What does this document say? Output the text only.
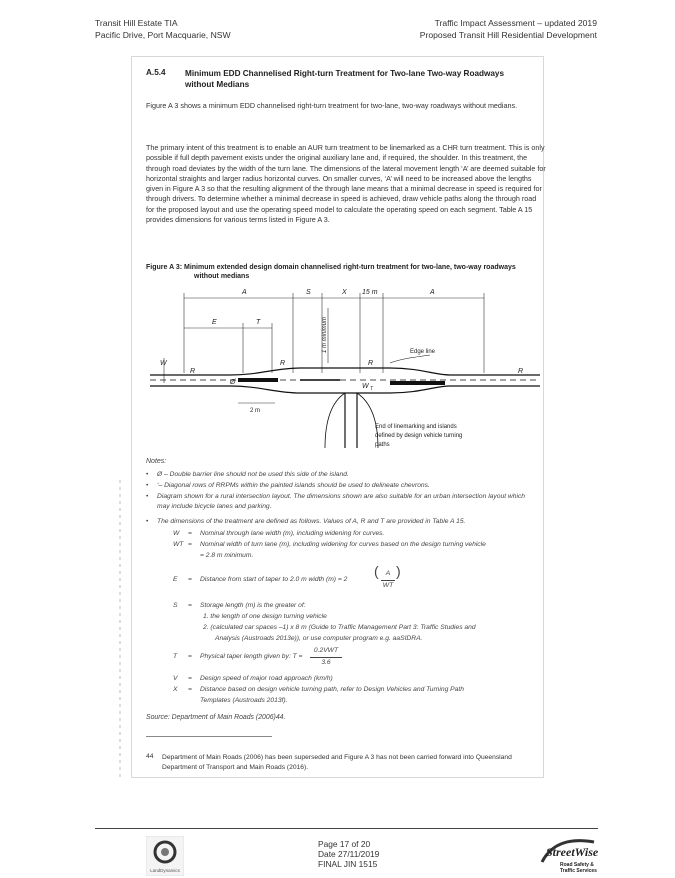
Transit Hill Estate TIA
Pacific Drive, Port Macquarie, NSW
Traffic Impact Assessment – updated 2019
Proposed Transit Hill Residential Development
A.5.4 Minimum EDD Channelised Right-turn Treatment for Two-lane Two-way Roadways without Medians
Figure A 3 shows a minimum EDD channelised right-turn treatment for two-lane, two-way roadways without medians.
The primary intent of this treatment is to enable an AUR turn treatment to be linemarked as a CHR turn treatment. This is only possible if full depth pavement exists under the original auxiliary lane and, if required, the shoulder. In this treatment, the through road deviates by the width of the turn lane. The dimensions of the lateral movement length ‘A’ are deemed suitable for horizontal straights and larger radius horizontal curves. On smaller curves, ‘A’ will need to be increased above the lengths given in Figure A 3 so that the resulting alignment of the through lane means that a minimal decrease in speed is required for through drivers. To determine whether a minimal decrease in speed is achieved, draw vehicle paths along the through road for the proposed layout and use the operating speed model to calculate the operating speed on each segment. Table A 15 provides dimensions for various terms listed in Figure A 3.
Figure A 3: Minimum extended design domain channelised right-turn treatment for two-lane, two-way roadways
without medians
A	S	X 15 m	A
E	T	1 m minimum	Edge line
W
R
R	R
R
Ø
W T
2 m
End of linemarking and islands
defined by design vehicle turning
paths
Notes:
• Ø – Double barrier line should not be used this side of the island.
• ‘– Diagonal rows of RRPMs within the painted islands should be used to delineate chevrons.
• Diagram shown for a rural intersection layout. The dimensions shown are also suitable for an urban intersection layout which may include bicycle lanes and parking.
• The dimensions of the treatment are defined as follows. Values of A, R and T are provided in Table A 15.
W	= Nominal through lane width (m), including widening for curves.
WT = Nominal width of turn lane (m), including widening for curves based on the design turning vehicle
= 2.8 m minimum.
E	= Distance from start of taper to 2.0 m width (m) = 2
(	A
WT
)
S	= Storage length (m) is the greater of:
1. the length of one design turning vehicle
2. (calculated car spaces –1) x 8 m (Guide to Traffic Management Part 3: Traffic Studies and
Analysis (Austroads 2013e)), or use computer program e.g. aaSIDRA.
T	= Physical taper length given by: T =
0.2VWT
3.6
V	= Design speed of major road approach (km/h)
X	= Distance based on design vehicle turning path, refer to Design Vehicles and Turning Path
Templates (Austroads 2013f).
Source: Department of Main Roads (2006)44.
44 Department of Main Roads (2006) has been superseded and Figure A 3 has not been carried forward into Queensland Department of Transport and Main Roads (2016).
LandDynamics
Page 17 of 20
Date 27/11/2019
FINAL JIN 1515
StreetWise
Road Safety &
Traffic Services
